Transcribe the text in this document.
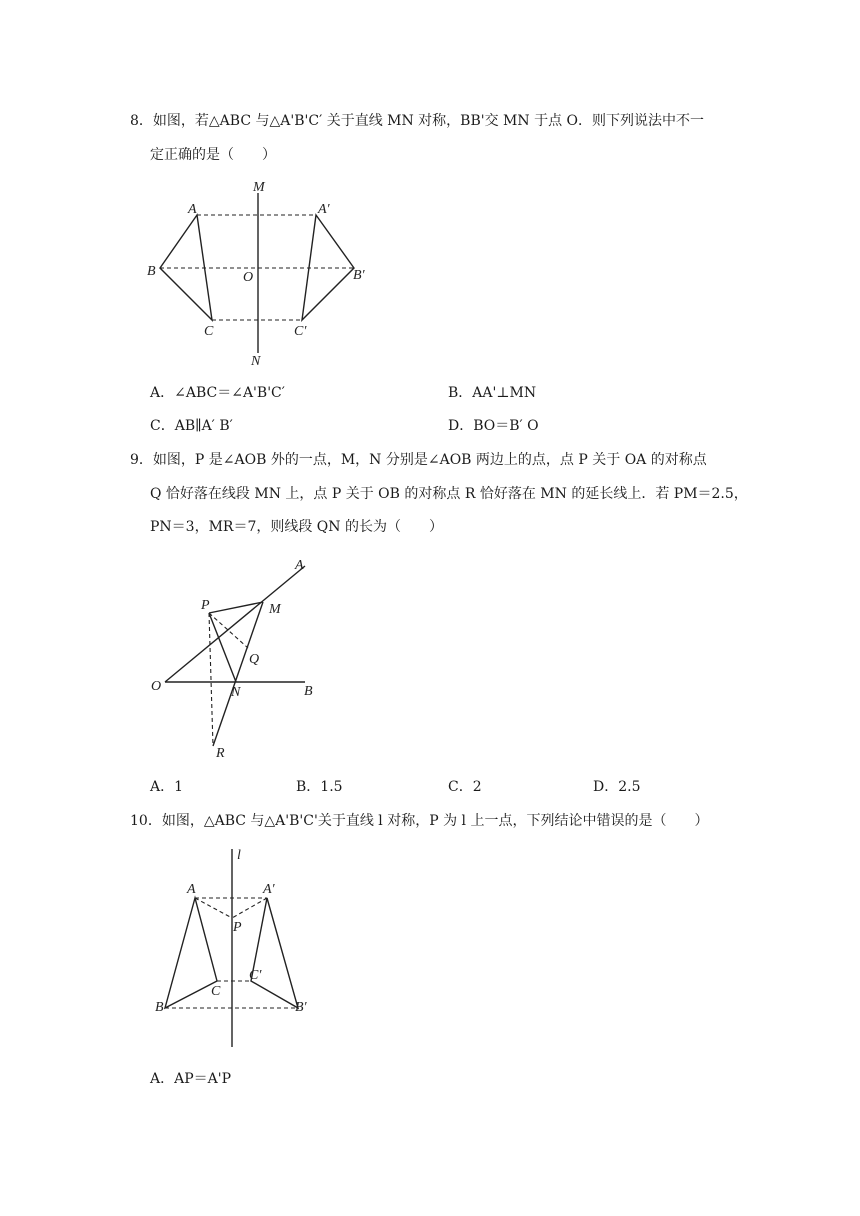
8．如图，若△ABC 与△A'B'C′ 关于直线 MN 对称，BB'交 MN 于点 O．则下列说法中不一
定正确的是（　　）
M
N
A	A′
B	B′
C	C′
O
A．∠ABC＝∠A'B'C′	B．AA'⊥MN
C．AB∥A′ B′	D．BO＝B′ O
9．如图，P 是∠AOB 外的一点，M，N 分别是∠AOB 两边上的点，点 P 关于 OA 的对称点
Q 恰好落在线段 MN 上，点 P 关于 OB 的对称点 R 恰好落在 MN 的延长线上．若 PM＝2.5，
PN＝3，MR＝7，则线段 QN 的长为（　　）
A
B
O
P	M
Q
N
R
A．1	B．1.5	C．2	D．2.5
10．如图，△ABC 与△A'B'C'关于直线 l 对称，P 为 l 上一点，下列结论中错误的是（　　）
l
A	A′
P
C
C′
B	B′
A．AP＝A'P
